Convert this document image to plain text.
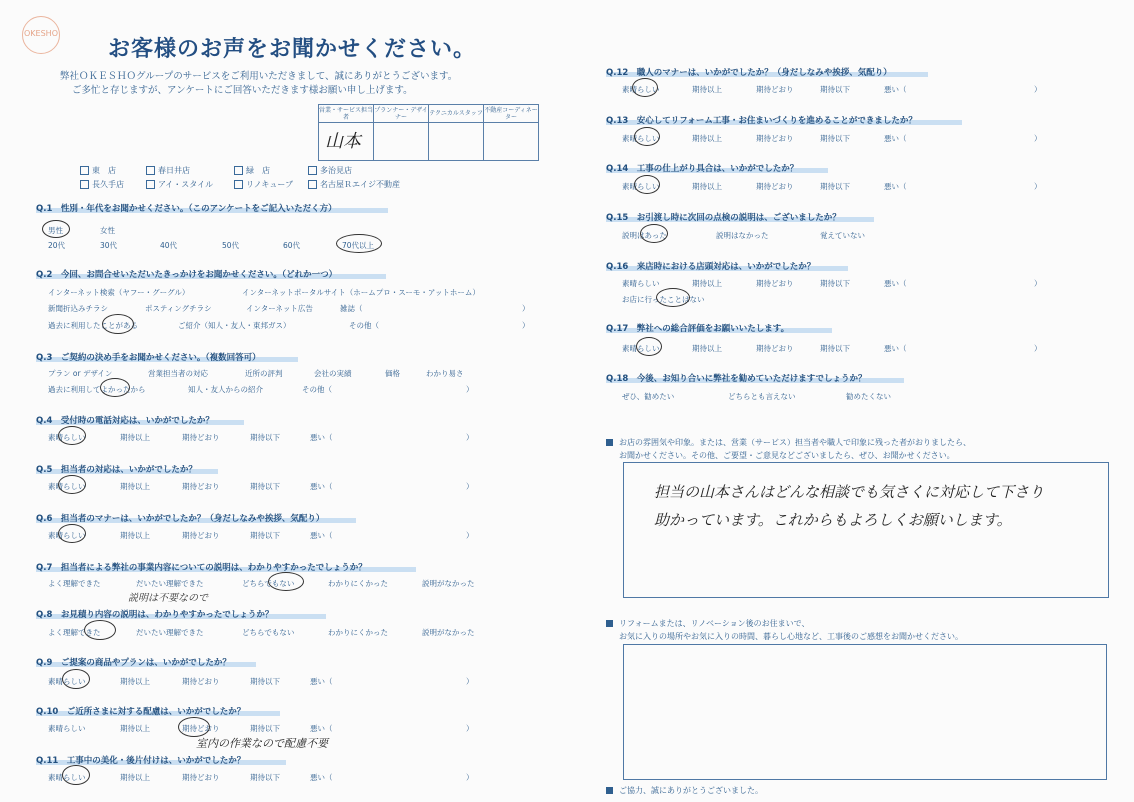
OKESHO
お客様のお声をお聞かせください。
弊社ＯＫＥＳＨＯグループのサービスをご利用いただきまして、誠にありがとうございます。
ご多忙と存じますが、アンケートにご回答いただきます様お願い申し上げます。
営業・サービス担当者	プランナー・デザイナー	テクニカルスタッフ	不動産コーディネーター
山本			
東　店	春日井店	緑　店	多治見店
長久手店	アイ・スタイル	リノキューブ	名古屋Ｒエイジ不動産
Q.1　性別・年代をお聞かせください。（このアンケートをご記入いただく方）
男性	女性
20代	30代	40代	50代	60代	70代以上
Q.2　今回、お問合せいただいたきっかけをお聞かせください。（どれか一つ）
インターネット検索（ヤフー・グーグル）	インターネットポータルサイト（ホームプロ・スーモ・アットホーム）
新聞折込みチラシ	ポスティングチラシ	インターネット広告	雑誌（	）
過去に利用したことがある	ご紹介（知人・友人・東邦ガス）	その他（	）
Q.3　ご契約の決め手をお聞かせください。（複数回答可）
プラン or デザイン	営業担当者の対応	近所の評判	会社の実績	価格	わかり易さ
過去に利用してよかったから	知人・友人からの紹介	その他（	）
Q.4　受付時の電話対応は、いかがでしたか？
素晴らしい	期待以上	期待どおり	期待以下	悪い（	）
Q.5　担当者の対応は、いかがでしたか？
素晴らしい	期待以上	期待どおり	期待以下	悪い（	）
Q.6　担当者のマナーは、いかがでしたか？（身だしなみや挨拶、気配り）
素晴らしい	期待以上	期待どおり	期待以下	悪い（	）
Q.7　担当者による弊社の事業内容についての説明は、わかりやすかったでしょうか？
よく理解できた	だいたい理解できた	どちらでもない	わかりにくかった	説明がなかった
説明は不要なので
Q.8　お見積り内容の説明は、わかりやすかったでしょうか？
よく理解できた	だいたい理解できた	どちらでもない	わかりにくかった	説明がなかった
Q.9　ご提案の商品やプランは、いかがでしたか？
素晴らしい	期待以上	期待どおり	期待以下	悪い（	）
Q.10　ご近所さまに対する配慮は、いかがでしたか？
素晴らしい	期待以上	期待どおり	期待以下	悪い（	）
室内の作業なので配慮不要
Q.11　工事中の美化・後片付けは、いかがでしたか？
素晴らしい	期待以上	期待どおり	期待以下	悪い（	）
Q.12　職人のマナーは、いかがでしたか？（身だしなみや挨拶、気配り）
素晴らしい	期待以上	期待どおり	期待以下	悪い（	）
Q.13　安心してリフォーム工事・お住まいづくりを進めることができましたか？
素晴らしい	期待以上	期待どおり	期待以下	悪い（	）
Q.14　工事の仕上がり具合は、いかがでしたか？
素晴らしい	期待以上	期待どおり	期待以下	悪い（	）
Q.15　お引渡し時に次回の点検の説明は、ございましたか？
説明はあった	説明はなかった	覚えていない
Q.16　来店時における店頭対応は、いかがでしたか？
素晴らしい	期待以上	期待どおり	期待以下	悪い（	）
お店に行ったことはない
Q.17　弊社への総合評価をお願いいたします。
素晴らしい	期待以上	期待どおり	期待以下	悪い（	）
Q.18　今後、お知り合いに弊社を勧めていただけますでしょうか？
ぜひ、勧めたい	どちらとも言えない	勧めたくない
お店の雰囲気や印象。または、営業（サービス）担当者や職人で印象に残った者がおりましたら、
お聞かせください。その他、ご要望・ご意見などございましたら、ぜひ、お聞かせください。
担当の山本さんはどんな相談でも気さくに対応して下さり
助かっています。これからもよろしくお願いします。
リフォームまたは、リノベーション後のお住まいで、
お気に入りの場所やお気に入りの時間、暮らし心地など、工事後のご感想をお聞かせください。
ご協力、誠にありがとうございました。
